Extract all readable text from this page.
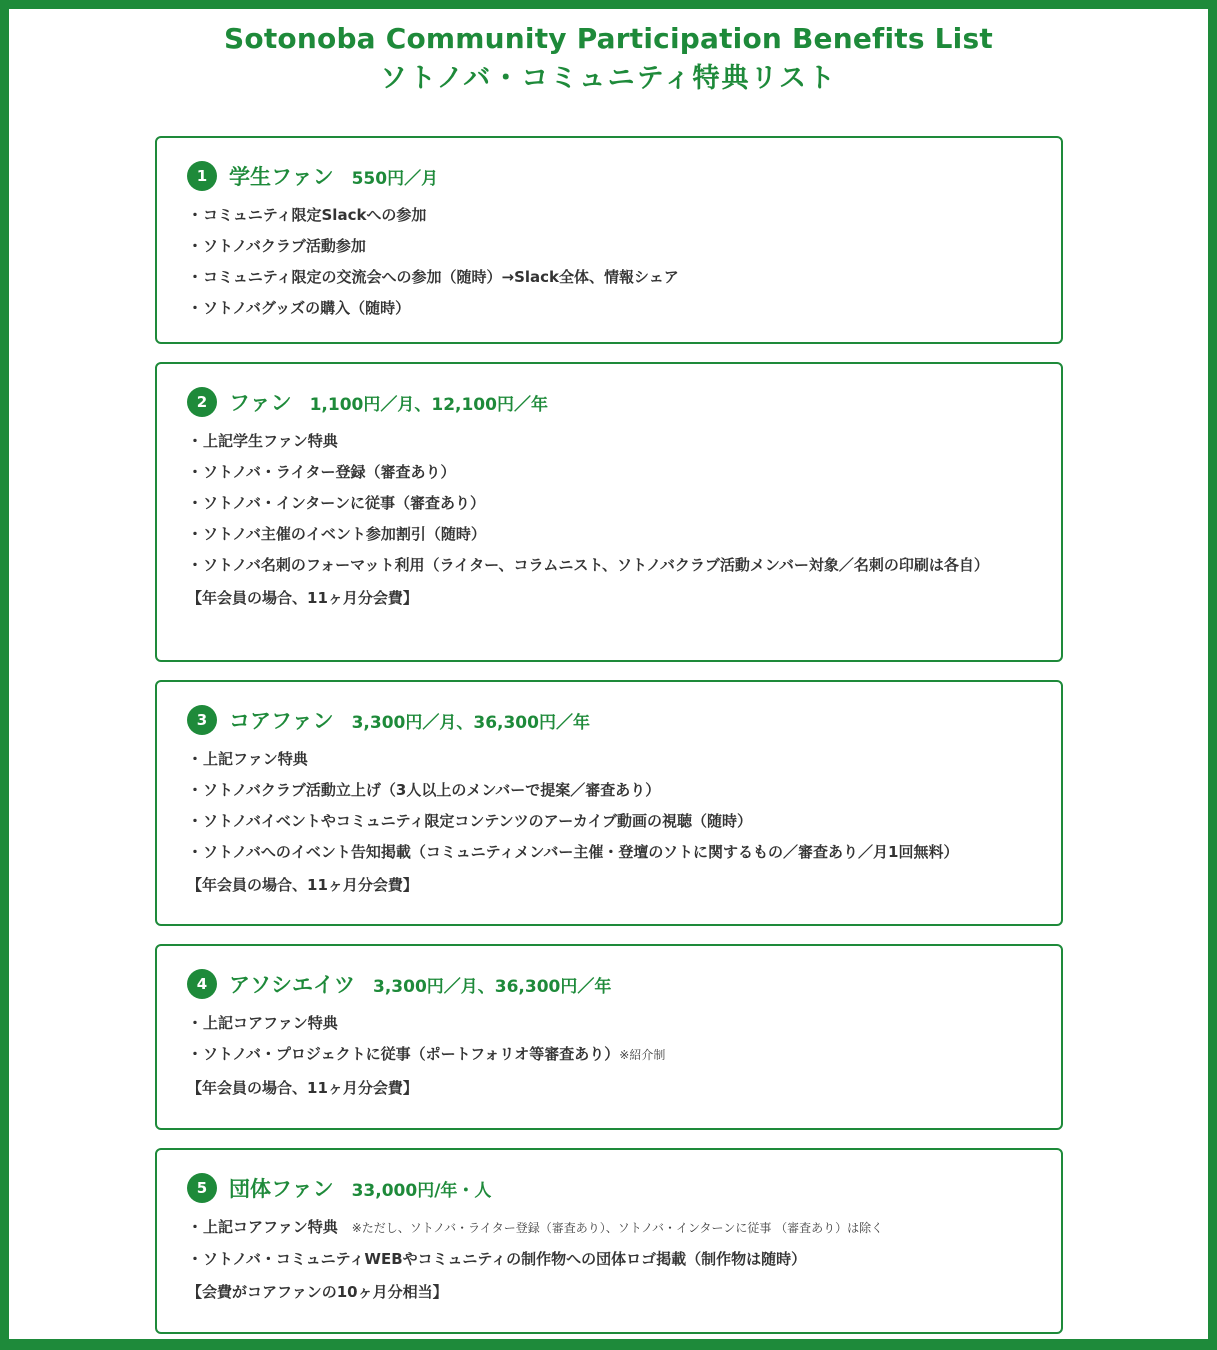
Sotonoba Community Participation Benefits List
ソトノバ・コミュニティ特典リスト
1	学生ファン 550円／月
・ コミュニティ限定Slackへの参加
・ ソトノバクラブ活動参加
・ コミュニティ限定の交流会への参加（随時）→Slack全体、情報シェア
・ ソトノバグッズの購入（随時）
2	ファン 1,100円／月、12,100円／年
・ 上記学生ファン特典
・ ソトノバ・ライター登録（審査あり）
・ ソトノバ・インターンに従事（審査あり）
・ ソトノバ主催のイベント参加割引（随時）
・ ソトノバ名刺のフォーマット利用（ライター、コラムニスト、ソトノバクラブ活動メンバー対象／名刺の印刷は各自）
【年会員の場合、11ヶ月分会費】
3	コアファン 3,300円／月、36,300円／年
・ 上記ファン特典
・ ソトノバクラブ活動立上げ（3人以上のメンバーで提案／審査あり）
・ ソトノバイベントやコミュニティ限定コンテンツのアーカイブ動画の視聴（随時）
・ ソトノバへのイベント告知掲載（コミュニティメンバー主催・登壇のソトに関するもの／審査あり／月1回無料）
【年会員の場合、11ヶ月分会費】
4	アソシエイツ 3,300円／月、36,300円／年
・ 上記コアファン特典
・ ソトノバ・プロジェクトに従事（ポートフォリオ等審査あり）※紹介制
【年会員の場合、11ヶ月分会費】
5	団体ファン 33,000円/年・人
・ 上記コアファン特典 ※ただし、ソトノバ・ライター登録（審査あり）、ソトノバ・インターンに従事 （審査あり）は除く
・ ソトノバ・コミュニティWEBやコミュニティの制作物への団体ロゴ掲載（制作物は随時）
【会費がコアファンの10ヶ月分相当】
